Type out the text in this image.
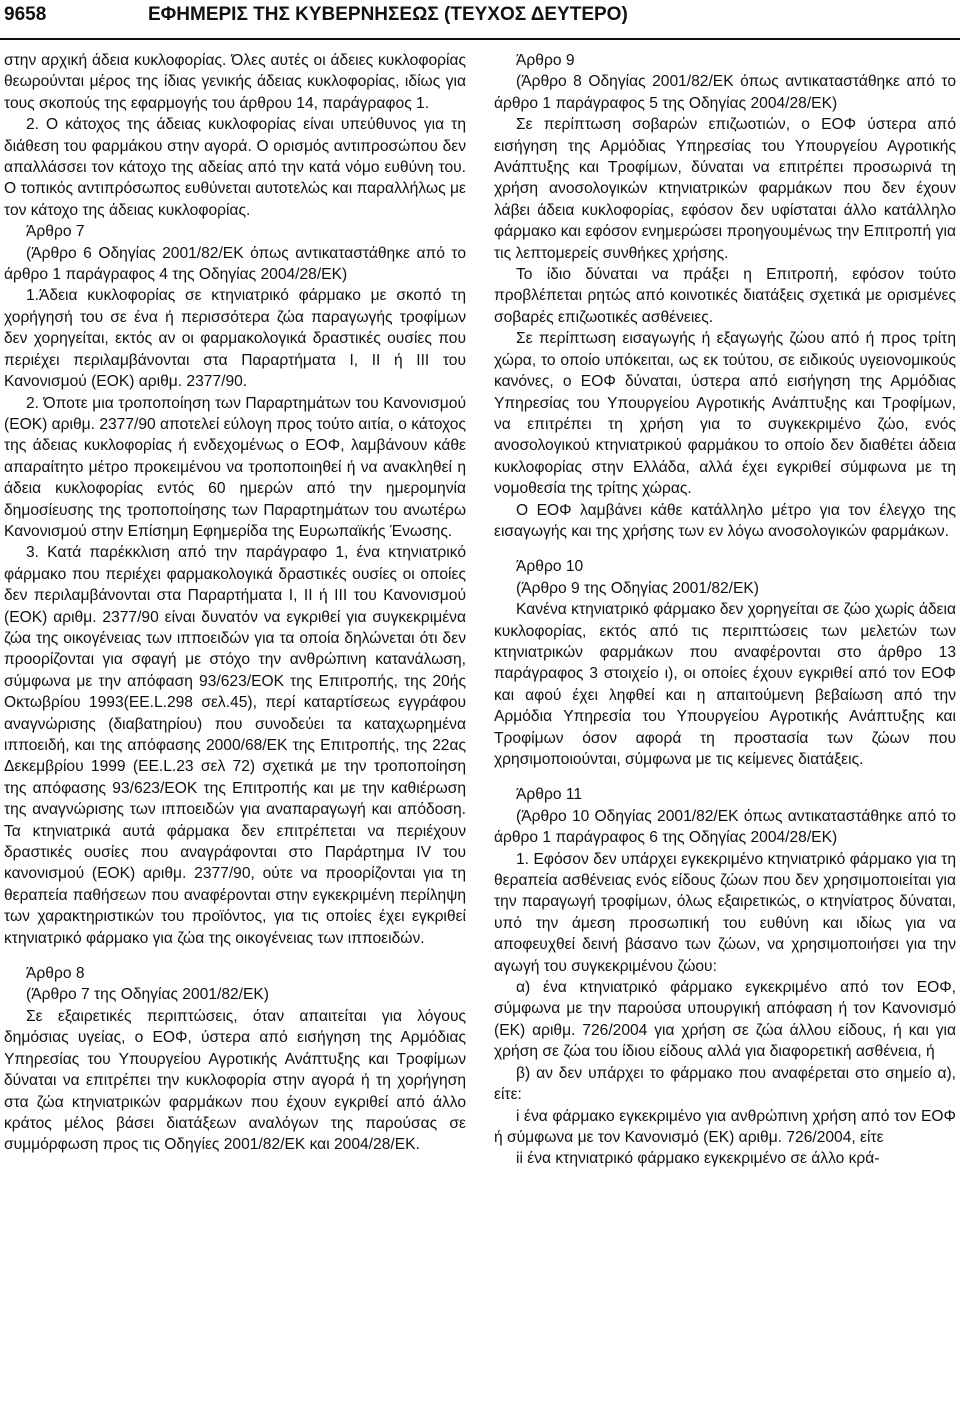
9658	ΕΦΗΜΕΡΙΣ ΤΗΣ ΚΥΒΕΡΝΗΣΕΩΣ (ΤΕΥΧΟΣ ΔΕΥΤΕΡΟ)

στην αρχική άδεια κυκλοφορίας. Όλες αυτές οι άδειες κυκλοφορίας θεωρούνται μέρος της ίδιας γενικής άδειας κυκλοφορίας, ιδίως για τους σκοπούς της εφαρμογής του άρθρου 14, παράγραφος 1.

2. Ο κάτοχος της άδειας κυκλοφορίας είναι υπεύθυνος για τη διάθεση του φαρμάκου στην αγορά. Ο ορισμός αντιπροσώπου δεν απαλλάσσει τον κάτοχο της αδείας από την κατά νόμο ευθύνη του. Ο τοπικός αντιπρόσωπος ευθύνεται αυτοτελώς και παραλλήλως με τον κάτοχο της άδειας κυκλοφορίας.

Άρθρο 7

(Άρθρο 6 Οδηγίας 2001/82/ΕΚ όπως αντικαταστάθηκε από το άρθρο 1 παράγραφος 4 της Οδηγίας 2004/28/ΕΚ)

1.Άδεια κυκλοφορίας σε κτηνιατρικό φάρμακο με σκοπό τη χορήγησή του σε ένα ή περισσότερα ζώα παραγωγής τροφίμων δεν χορηγείται, εκτός αν οι φαρμακολογικά δραστικές ουσίες που περιέχει περιλαμβάνονται στα Παραρτήματα Ι, ΙΙ ή ΙΙΙ του Κανονισμού (ΕΟΚ) αριθμ. 2377/90.

2. Όποτε μια τροποποίηση των Παραρτημάτων του Κανονισμού (ΕΟΚ) αριθμ. 2377/90 αποτελεί εύλογη προς τούτο αιτία, ο κάτοχος της άδειας κυκλοφορίας ή ενδεχομένως ο ΕΟΦ, λαμβάνουν κάθε απαραίτητο μέτρο προκειμένου να τροποποιηθεί ή να ανακληθεί η άδεια κυκλοφορίας εντός 60 ημερών από την ημερομηνία δημοσίευσης της τροποποίησης των Παραρτημάτων του ανωτέρω Κανονισμού στην Επίσημη Εφημερίδα της Ευρωπαϊκής Ένωσης.

3. Κατά παρέκκλιση από την παράγραφο 1, ένα κτηνιατρικό φάρμακο που περιέχει φαρμακολογικά δραστικές ουσίες οι οποίες δεν περιλαμβάνονται στα Παραρτήματα Ι, ΙΙ ή ΙΙΙ του Κανονισμού (ΕΟΚ) αριθμ. 2377/90 είναι δυνατόν να εγκριθεί για συγκεκριμένα ζώα της οικογένειας των ιπποειδών για τα οποία δηλώνεται ότι δεν προορίζονται για σφαγή με στόχο την ανθρώπινη κατανάλωση, σύμφωνα με την απόφαση 93/623/ΕΟΚ της Επιτροπής, της 20ής Οκτωβρίου 1993(ΕΕ.L.298 σελ.45), περί καταρτίσεως εγγράφου αναγνώρισης (διαβατηρίου) που συνοδεύει τα καταχωρημένα ιπποειδή, και της απόφασης 2000/68/ΕΚ της Επιτροπής, της 22ας Δεκεμβρίου 1999 (ΕΕ.L.23 σελ 72) σχετικά με την τροποποίηση της απόφασης 93/623/ΕΟΚ της Επιτροπής και με την καθιέρωση της αναγνώρισης των ιπποειδών για αναπαραγωγή και απόδοση. Τα κτηνιατρικά αυτά φάρμακα δεν επιτρέπεται να περιέχουν δραστικές ουσίες που αναγράφονται στο Παράρτημα IV του κανονισμού (ΕΟΚ) αριθμ. 2377/90, ούτε να προορίζονται για τη θεραπεία παθήσεων που αναφέρονται στην εγκεκριμένη περίληψη των χαρακτηριστικών του προϊόντος, για τις οποίες έχει εγκριθεί κτηνιατρικό φάρμακο για ζώα της οικογένειας των ιπποειδών.

Άρθρο 8

(Άρθρο 7 της Οδηγίας 2001/82/ΕΚ)

Σε εξαιρετικές περιπτώσεις, όταν απαιτείται για λόγους δημόσιας υγείας, ο ΕΟΦ, ύστερα από εισήγηση της Αρμόδιας Υπηρεσίας του Υπουργείου Αγροτικής Ανάπτυξης και Τροφίμων δύναται να επιτρέπει την κυκλοφορία στην αγορά ή τη χορήγηση στα ζώα κτηνιατρικών φαρμάκων που έχουν εγκριθεί από άλλο κράτος μέλος βάσει διατάξεων αναλόγων της παρούσας σε συμμόρφωση προς τις Οδηγίες 2001/82/ΕΚ και 2004/28/ΕΚ.

Άρθρο 9

(Άρθρο 8 Οδηγίας 2001/82/ΕΚ όπως αντικαταστάθηκε από το άρθρο 1 παράγραφος 5 της Οδηγίας 2004/28/ΕΚ)

Σε περίπτωση σοβαρών επιζωοτιών, ο ΕΟΦ ύστερα από εισήγηση της Αρμόδιας Υπηρεσίας του Υπουργείου Αγροτικής Ανάπτυξης και Τροφίμων, δύναται να επιτρέπει προσωρινά τη χρήση ανοσολογικών κτηνιατρικών φαρμάκων που δεν έχουν λάβει άδεια κυκλοφορίας, εφόσον δεν υφίσταται άλλο κατάλληλο φάρμακο και εφόσον ενημερώσει προηγουμένως την Επιτροπή για τις λεπτομερείς συνθήκες χρήσης.

Το ίδιο δύναται να πράξει η Επιτροπή, εφόσον τούτο προβλέπεται ρητώς από κοινοτικές διατάξεις σχετικά με ορισμένες σοβαρές επιζωοτικές ασθένειες.

Σε περίπτωση εισαγωγής ή εξαγωγής ζώου από ή προς τρίτη χώρα, το οποίο υπόκειται, ως εκ τούτου, σε ειδικούς υγειονομικούς κανόνες, ο ΕΟΦ δύναται, ύστερα από εισήγηση της Αρμόδιας Υπηρεσίας του Υπουργείου Αγροτικής Ανάπτυξης και Τροφίμων, να επιτρέπει τη χρήση για το συγκεκριμένο ζώο, ενός ανοσολογικού κτηνιατρικού φαρμάκου το οποίο δεν διαθέτει άδεια κυκλοφορίας στην Ελλάδα, αλλά έχει εγκριθεί σύμφωνα με τη νομοθεσία της τρίτης χώρας.

Ο ΕΟΦ λαμβάνει κάθε κατάλληλο μέτρο για τον έλεγχο της εισαγωγής και της χρήσης των εν λόγω ανοσολογικών φαρμάκων.

Άρθρο 10

(Άρθρο 9 της Οδηγίας 2001/82/ΕΚ)

Κανένα κτηνιατρικό φάρμακο δεν χορηγείται σε ζώο χωρίς άδεια κυκλοφορίας, εκτός από τις περιπτώσεις των μελετών των κτηνιατρικών φαρμάκων που αναφέρονται στο άρθρο 13 παράγραφος 3 στοιχείο ι), οι οποίες έχουν εγκριθεί από τον ΕΟΦ και αφού έχει ληφθεί και η απαιτούμενη βεβαίωση από την Αρμόδια Υπηρεσία του Υπουργείου Αγροτικής Ανάπτυξης και Τροφίμων όσον αφορά τη προστασία των ζώων που χρησιμοποιούνται, σύμφωνα με τις κείμενες διατάξεις.

Άρθρο 11

(Άρθρο 10 Οδηγίας 2001/82/ΕΚ όπως αντικαταστάθηκε από το άρθρο 1 παράγραφος 6 της Οδηγίας 2004/28/ΕΚ)

1. Εφόσον δεν υπάρχει εγκεκριμένο κτηνιατρικό φάρμακο για τη θεραπεία ασθένειας ενός είδους ζώων που δεν χρησιμοποιείται για την παραγωγή τροφίμων, όλως εξαιρετικώς, ο κτηνίατρος δύναται, υπό την άμεση προσωπική του ευθύνη και ιδίως για να αποφευχθεί δεινή βάσανο των ζώων, να χρησιμοποιήσει για την αγωγή του συγκεκριμένου ζώου:

α) ένα κτηνιατρικό φάρμακο εγκεκριμένο από τον ΕΟΦ, σύμφωνα με την παρούσα υπουργική απόφαση ή τον Κανονισμό (ΕΚ) αριθμ. 726/2004 για χρήση σε ζώα άλλου είδους, ή και για χρήση σε ζώα του ίδιου είδους αλλά για διαφορετική ασθένεια, ή

β) αν δεν υπάρχει το φάρμακο που αναφέρεται στο σημείο α), είτε:

i ένα φάρμακο εγκεκριμένο για ανθρώπινη χρήση από τον ΕΟΦ ή σύμφωνα με τον Κανονισμό (ΕΚ) αριθμ. 726/2004, είτε

ii ένα κτηνιατρικό φάρμακο εγκεκριμένο σε άλλο κρά-
